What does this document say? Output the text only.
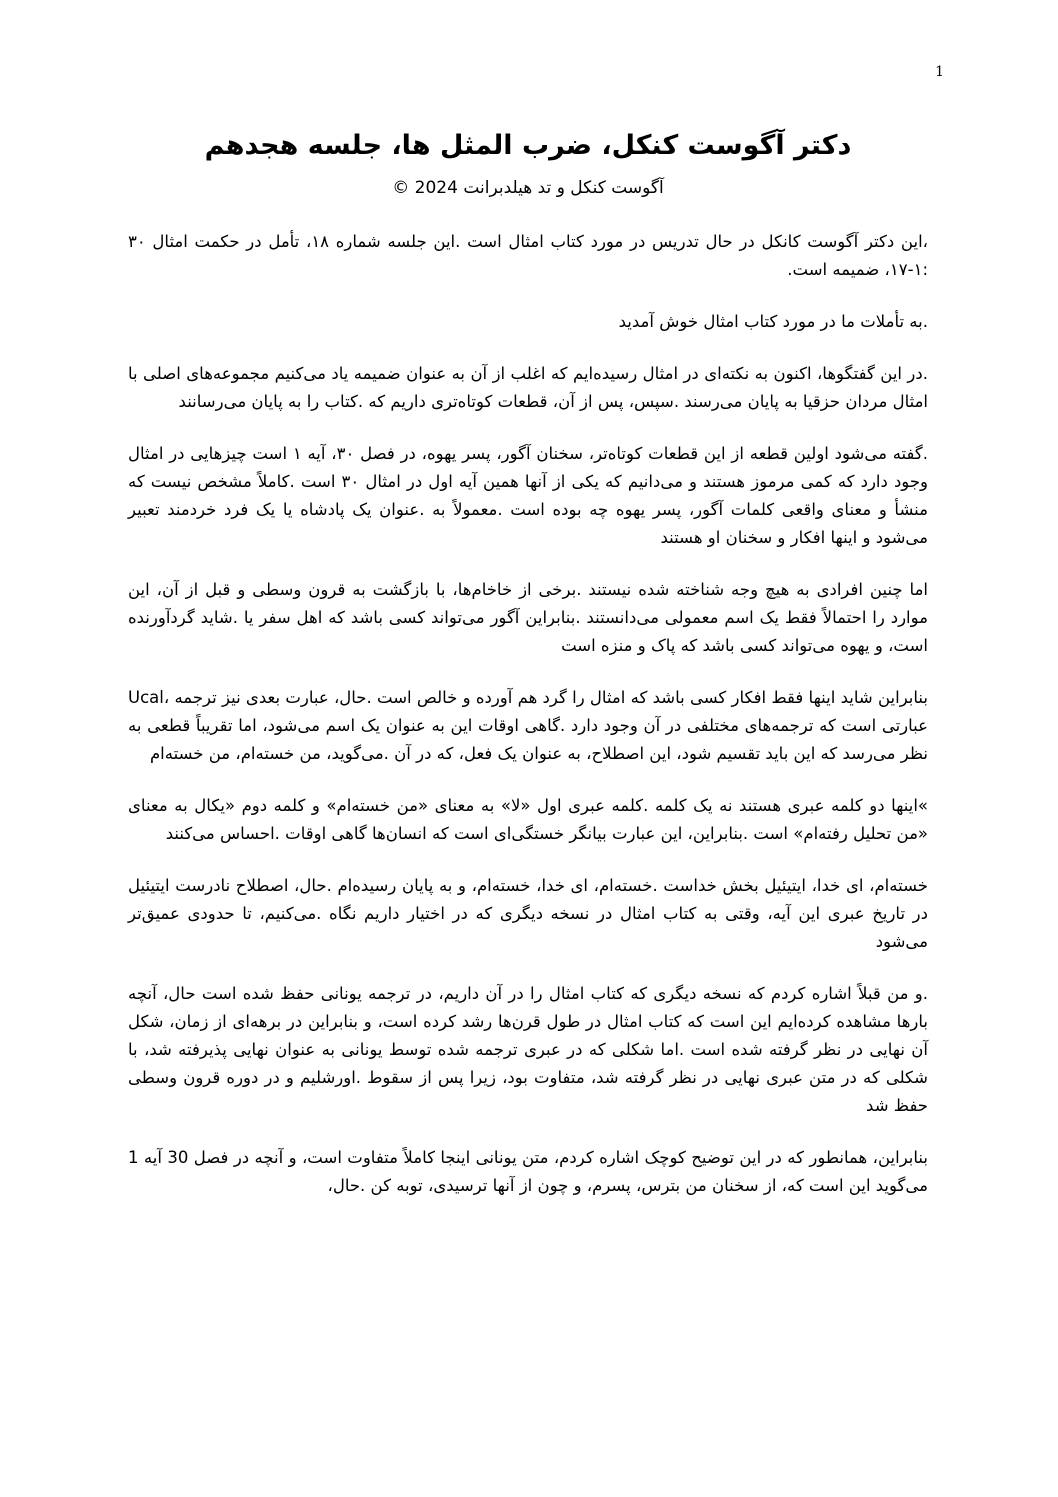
1
دکتر آگوست کنکل، ضرب المثل ها، جلسه هجدهم
آگوست کنکل و تد هیلدبرانت 2024 ©

،این دکتر آگوست کانکل در حال تدریس در مورد کتاب امثال است .این جلسه شماره ۱۸، تأمل در حکمت امثال ۳۰ :۱-۱۷، ضمیمه است.

.به تأملات ما در مورد کتاب امثال خوش آمدید

.در این گفتگوها، اکنون به نکته‌ای در امثال رسیده‌ایم که اغلب از آن به عنوان ضمیمه یاد می‌کنیم مجموعه‌های اصلی با امثال مردان حزقیا به پایان می‌رسند .سپس، پس از آن، قطعات کوتاه‌تری داریم که .کتاب را به پایان می‌رسانند

.گفته می‌شود اولین قطعه از این قطعات کوتاه‌تر، سخنان آگور، پسر یهوه، در فصل ۳۰، آیه ۱ است چیزهایی در امثال وجود دارد که کمی مرموز هستند و می‌دانیم که یکی از آنها همین آیه اول در امثال ۳۰ است .کاملاً مشخص نیست که منشأ و معنای واقعی کلمات آگور، پسر یهوه چه بوده است .معمولاً به .عنوان یک پادشاه یا یک فرد خردمند تعبیر می‌شود و اینها افکار و سخنان او هستند

اما چنین افرادی به هیچ وجه شناخته شده نیستند .برخی از خاخام‌ها، با بازگشت به قرون وسطی و قبل از آن، این موارد را احتمالاً فقط یک اسم معمولی می‌دانستند .بنابراین آگور می‌تواند کسی باشد که اهل سفر یا .شاید گردآورنده است، و یهوه می‌تواند کسی باشد که پاک و منزه است

بنابراین شاید اینها فقط افکار کسی باشد که امثال را گرد هم آورده و خالص است .حال، عبارت بعدی نیز ترجمه ،Ucal عبارتی است که ترجمه‌های مختلفی در آن وجود دارد .گاهی اوقات این به عنوان یک اسم می‌شود، اما تقریباً قطعی به نظر می‌رسد که این باید تقسیم شود، این اصطلاح، به عنوان یک فعل، که در آن .می‌گوید، من خسته‌ام، من خسته‌ام

»اینها دو کلمه عبری هستند نه یک کلمه .کلمه عبری اول «لا» به معنای «من خسته‌ام» و کلمه دوم «یکال به معنای «من تحلیل رفته‌ام» است .بنابراین، این عبارت بیانگر خستگی‌ای است که انسان‌ها گاهی اوقات .احساس می‌کنند

خسته‌ام، ای خدا، ایتیئیل بخش خداست .خسته‌ام، ای خدا، خسته‌ام، و به پایان رسیده‌ام .حال، اصطلاح نادرست ایتیئیل در تاریخ عبری این آیه، وقتی به کتاب امثال در نسخه دیگری که در اختیار داریم نگاه .می‌کنیم، تا حدودی عمیق‌تر می‌شود

.و من قبلاً اشاره کردم که نسخه دیگری که کتاب امثال را در آن داریم، در ترجمه یونانی حفظ شده است حال، آنچه بارها مشاهده کرده‌ایم این است که کتاب امثال در طول قرن‌ها رشد کرده است، و بنابراین در برهه‌ای از زمان، شکل آن نهایی در نظر گرفته شده است .اما شکلی که در عبری ترجمه شده توسط یونانی به عنوان نهایی پذیرفته شد، با شکلی که در متن عبری نهایی در نظر گرفته شد، متفاوت بود، زیرا پس از سقوط .اورشلیم و در دوره قرون وسطی حفظ شد

بنابراین، همانطور که در این توضیح کوچک اشاره کردم، متن یونانی اینجا کاملاً متفاوت است، و آنچه در فصل 30 آیه 1 می‌گوید این است که، از سخنان من بترس، پسرم، و چون از آنها ترسیدی، توبه کن .حال،
